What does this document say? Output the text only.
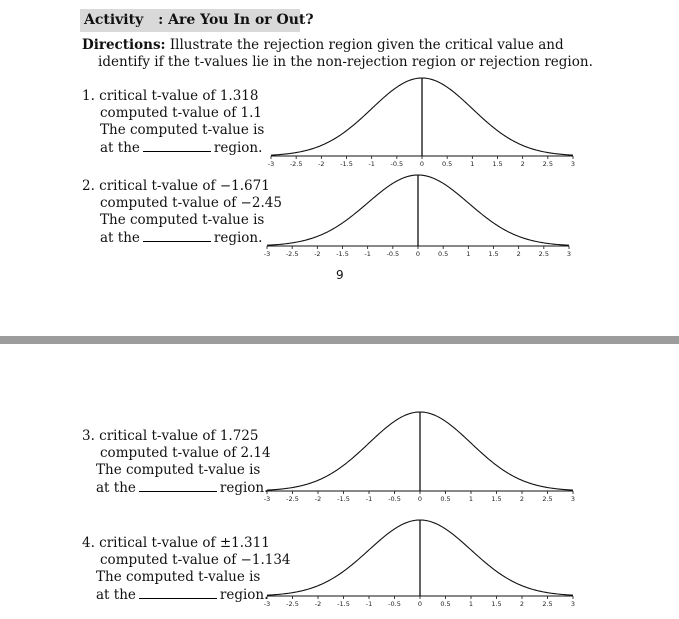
Activity : Are You In or Out?
Directions: Illustrate the rejection region given the critical value and
identify if the t-values lie in the non-rejection region or rejection region.
1. critical t-value of 1.318
computed t-value of 1.1
The computed t-value is
at the	region.
-3 -2.5 -2 -1.5 -1 -0.5	0	0.5	1	1.5	2	2.5	3
2. critical t-value of −1.671
computed t-value of −2.45
The computed t-value is
at the	region.
-3 -2.5 -2 -1.5 -1 -0.5	0	0.5	1	1.5	2	2.5	3
9
3. critical t-value of 1.725
computed t-value of 2.14
The computed t-value is
at the	region.
-3 -2.5 -2 -1.5 -1 -0.5	0	0.5	1	1.5	2	2.5	3
4. critical t-value of ±1.311
computed t-value of −1.134
The computed t-value is
at the	region.
-3 -2.5 -2 -1.5 -1 -0.5	0	0.5	1	1.5	2	2.5	3
